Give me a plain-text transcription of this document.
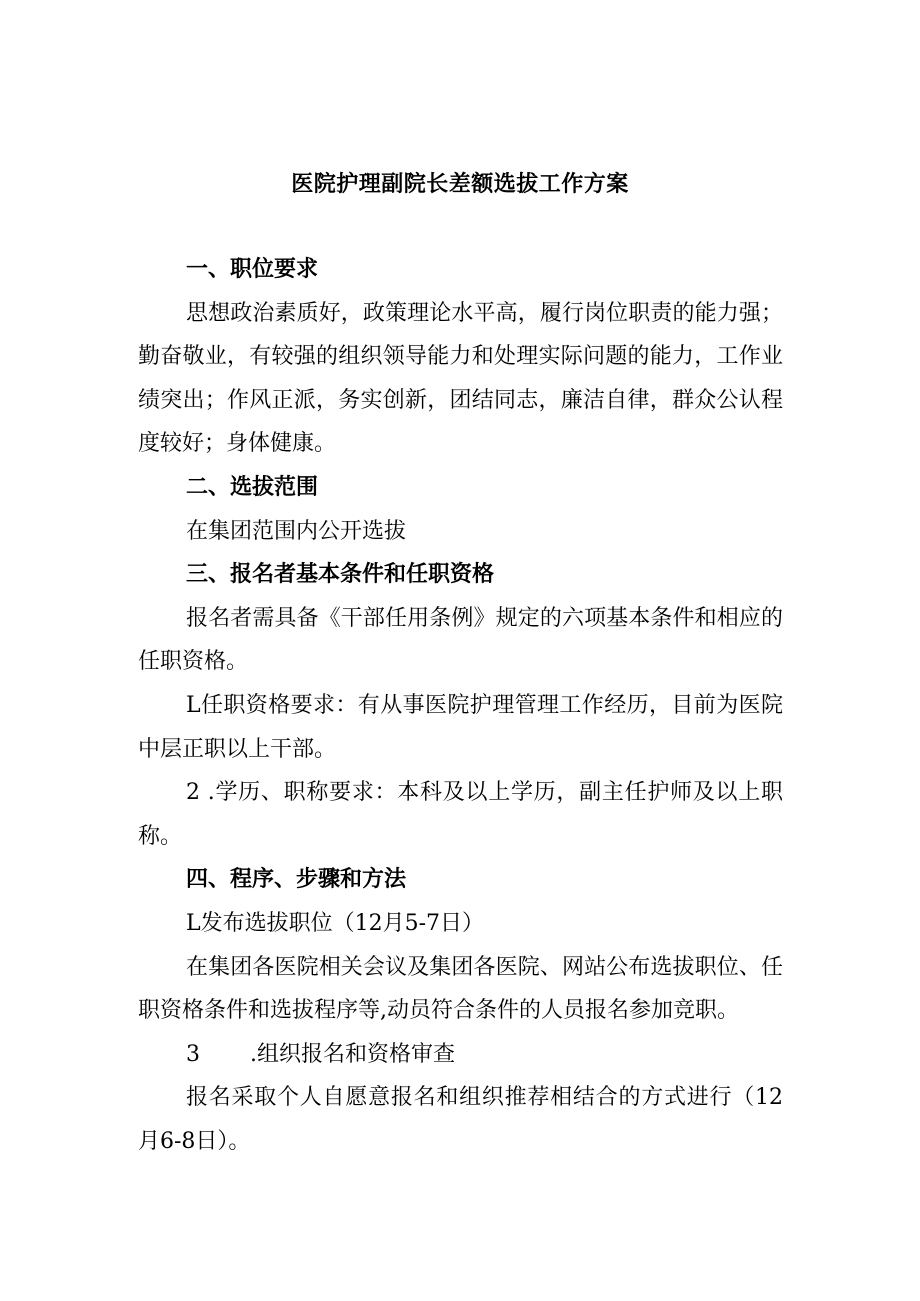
医院护理副院长差额选拔工作方案

一、职位要求

思想政治素质好，政策理论水平高，履行岗位职责的能力强；勤奋敬业，有较强的组织领导能力和处理实际问题的能力，工作业绩突出；作风正派，务实创新，团结同志，廉洁自律，群众公认程度较好；身体健康。

二、选拔范围

在集团范围内公开选拔

三、报名者基本条件和任职资格

报名者需具备《干部任用条例》规定的六项基本条件和相应的任职资格。

L任职资格要求：有从事医院护理管理工作经历，目前为医院中层正职以上干部。

2 .学历、职称要求：本科及以上学历，副主任护师及以上职称。

四、程序、步骤和方法

L发布选拔职位（12月5-7日）

在集团各医院相关会议及集团各医院、网站公布选拔职位、任职资格条件和选拔程序等,动员符合条件的人员报名参加竞职。

3 .组织报名和资格审查

报名采取个人自愿意报名和组织推荐相结合的方式进行（12月6-8日）。
